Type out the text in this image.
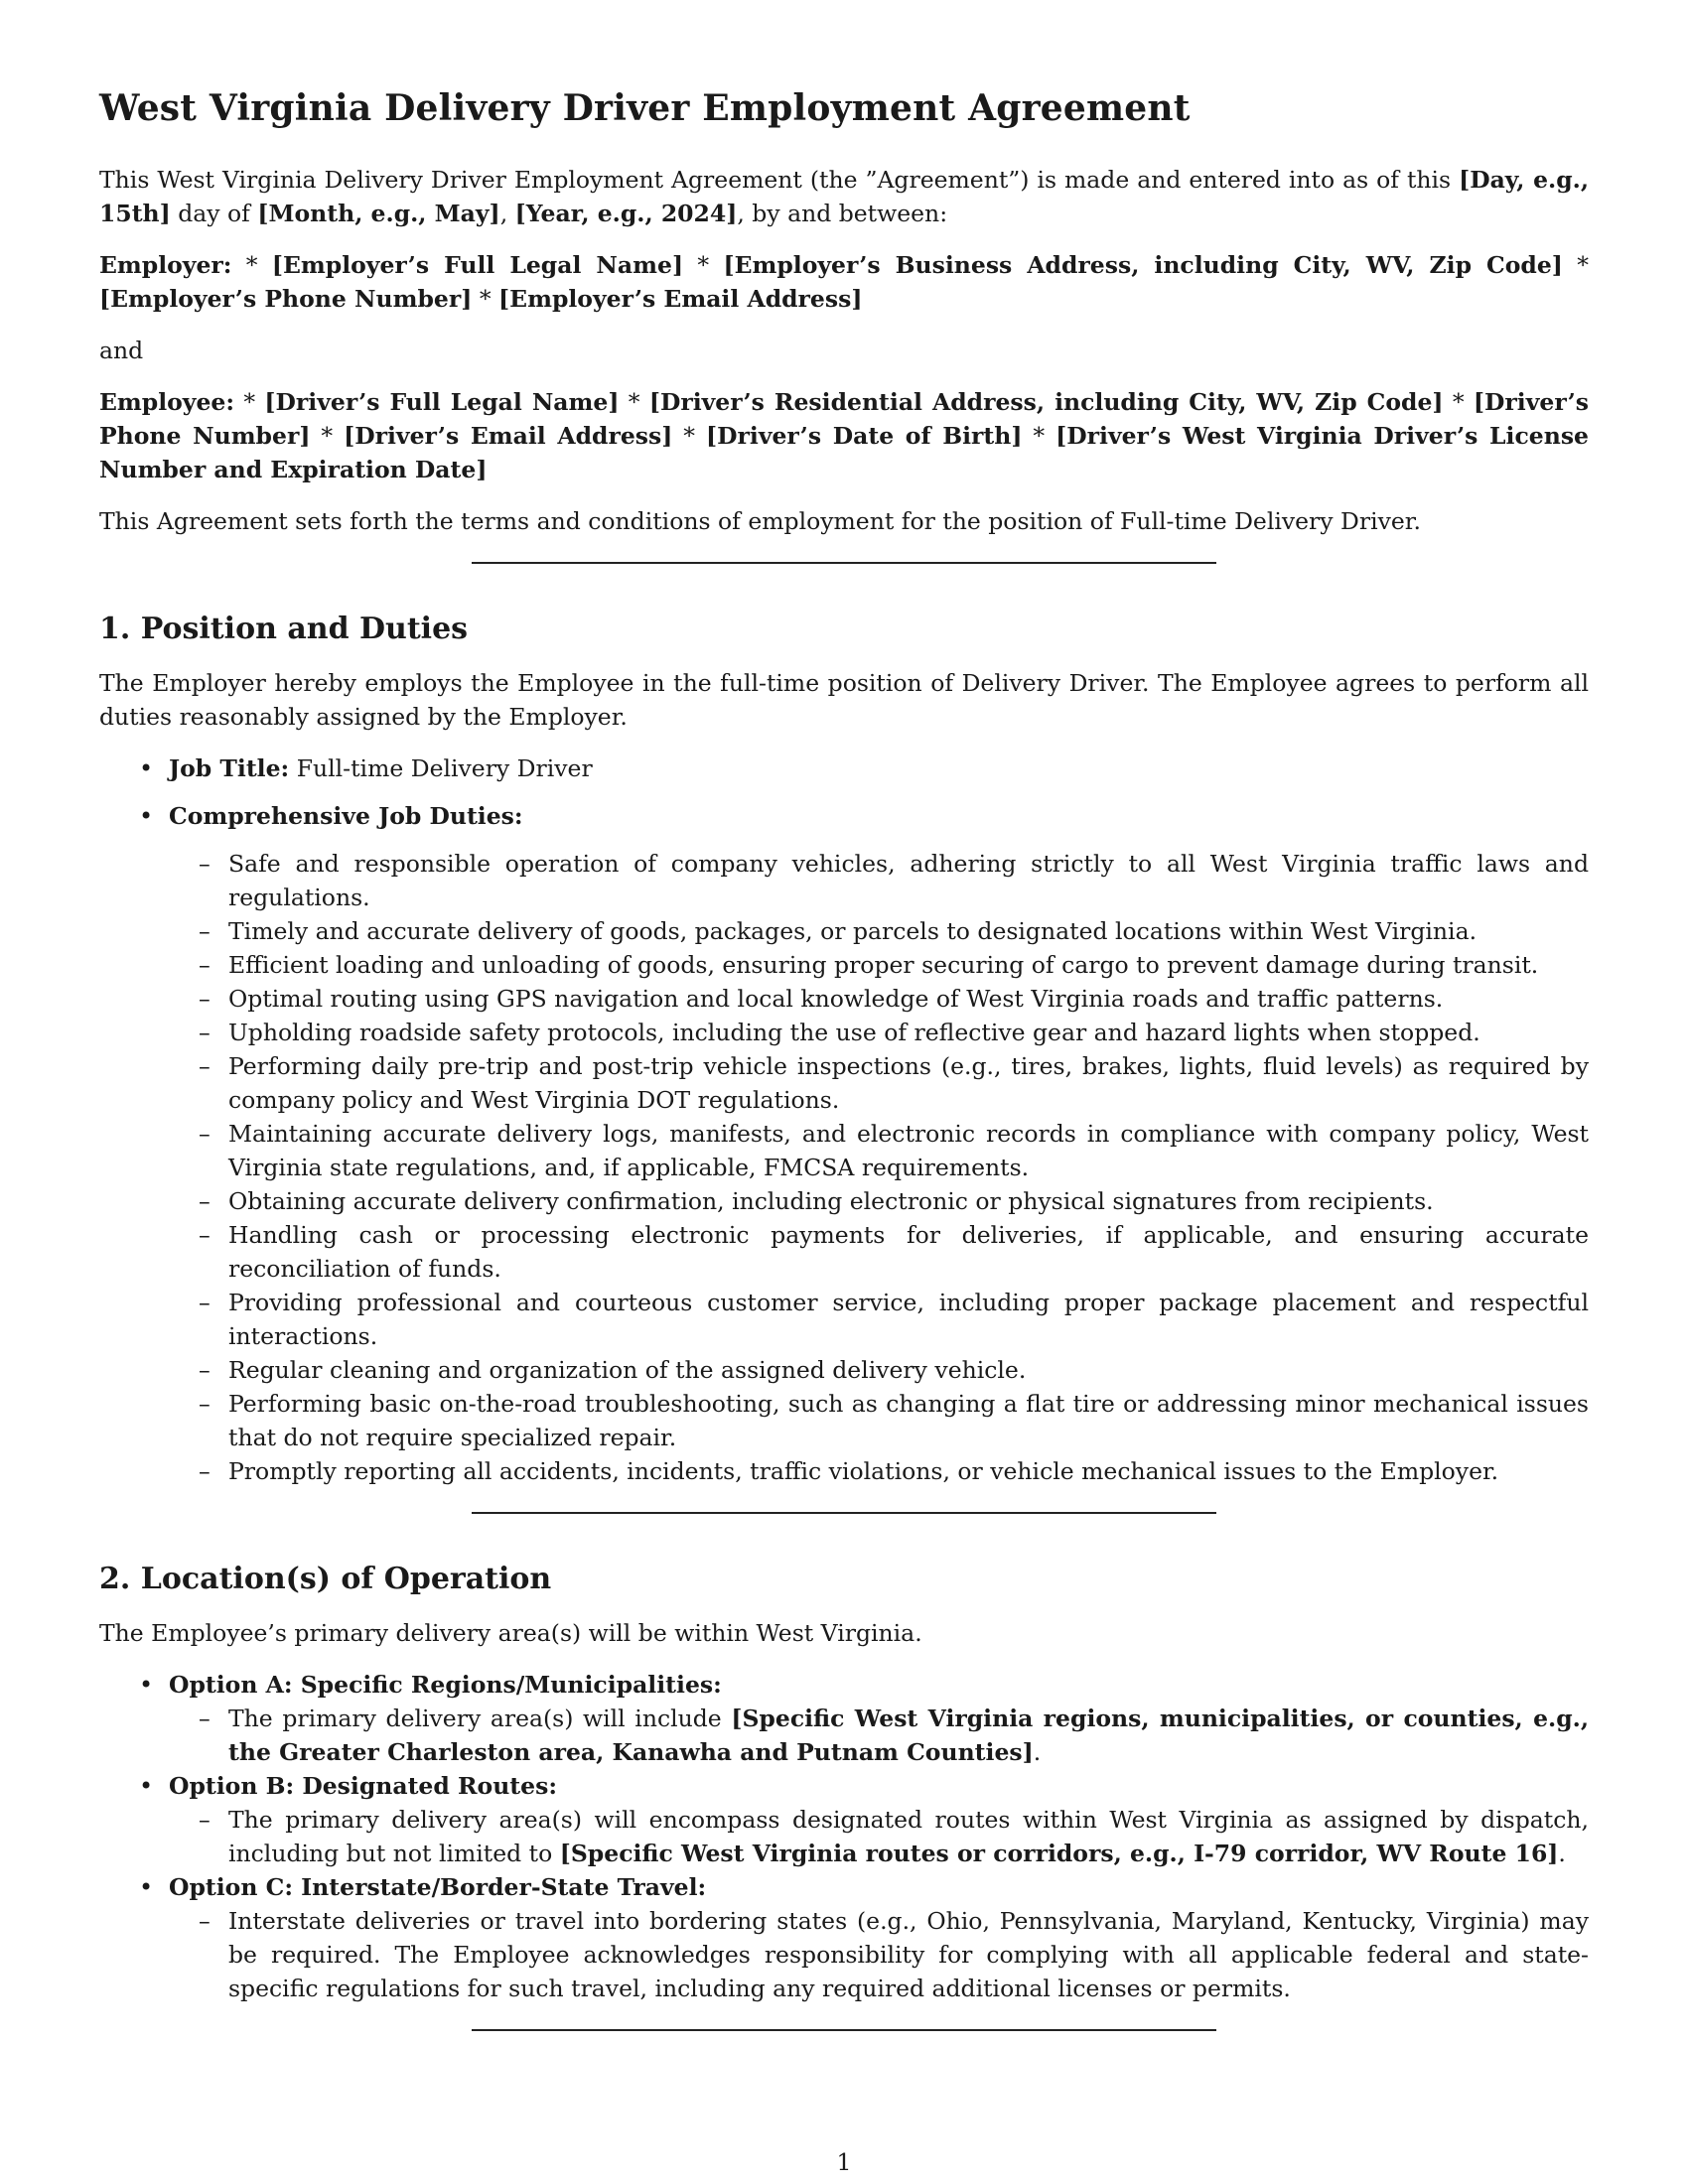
West Virginia Delivery Driver Employment Agreement

This West Virginia Delivery Driver Employment Agreement (the ”Agreement”) is made and entered into as of this [Day, e.g., 15th] day of [Month, e.g., May], [Year, e.g., 2024], by and between:

Employer: * [Employer’s Full Legal Name] * [Employer’s Business Address, including City, WV, Zip Code] * [Employer’s Phone Number] * [Employer’s Email Address]

and

Employee: * [Driver’s Full Legal Name] * [Driver’s Residential Address, including City, WV, Zip Code] * [Driver’s Phone Number] * [Driver’s Email Address] * [Driver’s Date of Birth] * [Driver’s West Virginia Driver’s License Number and Expiration Date]

This Agreement sets forth the terms and conditions of employment for the position of Full-time Delivery Driver.

1. Position and Duties

The Employer hereby employs the Employee in the full-time position of Delivery Driver. The Employee agrees to perform all duties reasonably assigned by the Employer.

• Job Title: Full-time Delivery Driver
• Comprehensive Job Duties:
– Safe and responsible operation of company vehicles, adhering strictly to all West Virginia traffic laws and regulations.
– Timely and accurate delivery of goods, packages, or parcels to designated locations within West Virginia.
– Efficient loading and unloading of goods, ensuring proper securing of cargo to prevent damage during transit.
– Optimal routing using GPS navigation and local knowledge of West Virginia roads and traffic patterns.
– Upholding roadside safety protocols, including the use of reflective gear and hazard lights when stopped.
– Performing daily pre-trip and post-trip vehicle inspections (e.g., tires, brakes, lights, fluid levels) as required by company policy and West Virginia DOT regulations.
– Maintaining accurate delivery logs, manifests, and electronic records in compliance with company policy, West Virginia state regulations, and, if applicable, FMCSA requirements.
– Obtaining accurate delivery confirmation, including electronic or physical signatures from recipients.
– Handling cash or processing electronic payments for deliveries, if applicable, and ensuring accurate reconciliation of funds.
– Providing professional and courteous customer service, including proper package placement and respectful interactions.
– Regular cleaning and organization of the assigned delivery vehicle.
– Performing basic on-the-road troubleshooting, such as changing a flat tire or addressing minor mechanical issues that do not require specialized repair.
– Promptly reporting all accidents, incidents, traffic violations, or vehicle mechanical issues to the Employer.
2. Location(s) of Operation

The Employee’s primary delivery area(s) will be within West Virginia.

• Option A: Specific Regions/Municipalities:
– The primary delivery area(s) will include [Specific West Virginia regions, municipalities, or counties, e.g., the Greater Charleston area, Kanawha and Putnam Counties].
• Option B: Designated Routes:
– The primary delivery area(s) will encompass designated routes within West Virginia as assigned by dispatch, including but not limited to [Specific West Virginia routes or corridors, e.g., I-79 corridor, WV Route 16].
• Option C: Interstate/Border-State Travel:
– Interstate deliveries or travel into bordering states (e.g., Ohio, Pennsylvania, Maryland, Kentucky, Virginia) may be required. The Employee acknowledges responsibility for complying with all applicable federal and state-specific regulations for such travel, including any required additional licenses or permits.
1
